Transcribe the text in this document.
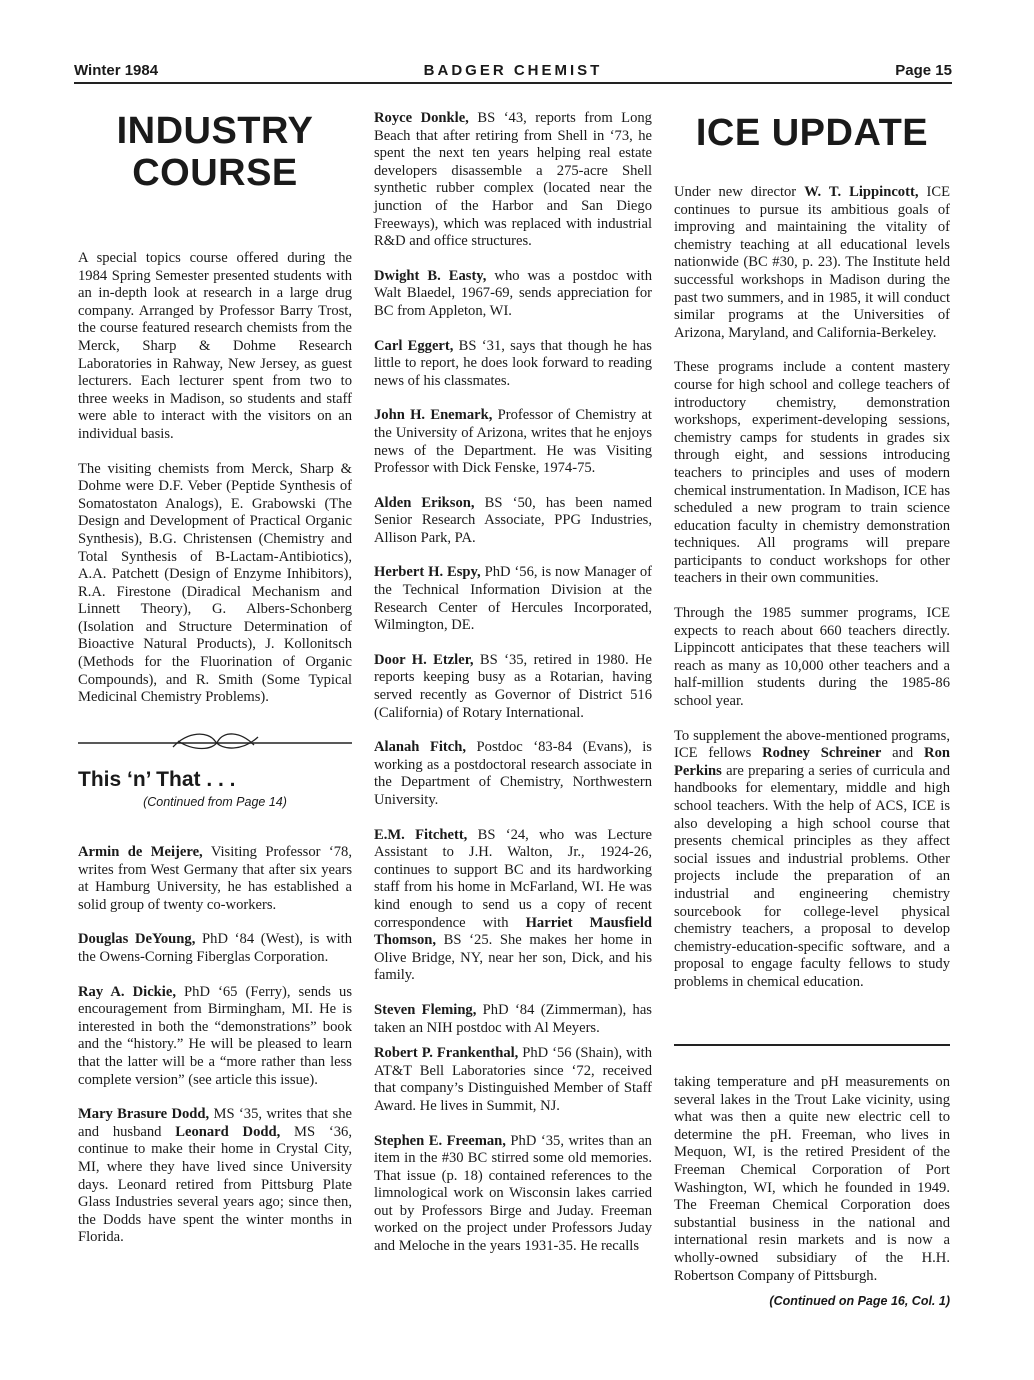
Winter 1984	BADGER CHEMIST	Page 15
INDUSTRY
COURSE

A special topics course offered during the 1984 Spring Semester presented students with an in-depth look at research in a large drug company. Arranged by Professor Barry Trost, the course featured research chemists from the Merck, Sharp & Dohme Research Laboratories in Rahway, New Jersey, as guest lecturers. Each lecturer spent from two to three weeks in Madison, so students and staff were able to interact with the visitors on an individual basis.

The visiting chemists from Merck, Sharp & Dohme were D.F. Veber (Peptide Synthesis of Somatostaton Analogs), E. Grabowski (The Design and Development of Practical Organic Synthesis), B.G. Christensen (Chemistry and Total Synthesis of B-Lactam-Antibiotics), A.A. Patchett (Design of Enzyme Inhibitors), R.A. Firestone (Diradical Mechanism and Linnett Theory), G. Albers-Schonberg (Isolation and Structure Determination of Bioactive Natural Products), J. Kollonitsch (Methods for the Fluorination of Organic Compounds), and R. Smith (Some Typical Medicinal Chemistry Problems).

This ‘n’ That . . .
(Continued from Page 14)

Armin de Meijere, Visiting Professor ‘78, writes from West Germany that after six years at Hamburg University, he has established a solid group of twenty co-workers.

Douglas DeYoung, PhD ‘84 (West), is with the Owens-Corning Fiberglas Corporation.

Ray A. Dickie, PhD ‘65 (Ferry), sends us encouragement from Birmingham, MI. He is interested in both the “demonstrations” book and the “history.” He will be pleased to learn that the latter will be a “more rather than less complete version” (see article this issue).

Mary Brasure Dodd, MS ‘35, writes that she and husband Leonard Dodd, MS ‘36, continue to make their home in Crystal City, MI, where they have lived since University days. Leonard retired from Pittsburg Plate Glass Industries several years ago; since then, the Dodds have spent the winter months in Florida.

Royce Donkle, BS ‘43, reports from Long Beach that after retiring from Shell in ‘73, he spent the next ten years helping real estate developers disassemble a 275-acre Shell synthetic rubber complex (located near the junction of the Harbor and San Diego Freeways), which was replaced with industrial R&D and office structures.

Dwight B. Easty, who was a postdoc with Walt Blaedel, 1967-69, sends appreciation for BC from Appleton, WI.

Carl Eggert, BS ‘31, says that though he has little to report, he does look forward to reading news of his classmates.

John H. Enemark, Professor of Chemistry at the University of Arizona, writes that he enjoys news of the Department. He was Visiting Professor with Dick Fenske, 1974-75.

Alden Erikson, BS ‘50, has been named Senior Research Associate, PPG Industries, Allison Park, PA.

Herbert H. Espy, PhD ‘56, is now Manager of the Technical Information Division at the Research Center of Hercules Incorporated, Wilmington, DE.

Door H. Etzler, BS ‘35, retired in 1980. He reports keeping busy as a Rotarian, having served recently as Governor of District 516 (California) of Rotary International.

Alanah Fitch, Postdoc ‘83-84 (Evans), is working as a postdoctoral research associate in the Department of Chemistry, Northwestern University.

E.M. Fitchett, BS ‘24, who was Lecture Assistant to J.H. Walton, Jr., 1924-26, continues to support BC and its hardworking staff from his home in McFarland, WI. He was kind enough to send us a copy of recent correspondence with Harriet Mausfield Thomson, BS ‘25. She makes her home in Olive Bridge, NY, near her son, Dick, and his family.

Steven Fleming, PhD ‘84 (Zimmerman), has taken an NIH postdoc with Al Meyers.

Robert P. Frankenthal, PhD ‘56 (Shain), with AT&T Bell Laboratories since ‘72, received that company’s Distinguished Member of Staff Award. He lives in Summit, NJ.

Stephen E. Freeman, PhD ‘35, writes than an item in the #30 BC stirred some old memories. That issue (p. 18) contained references to the limnological work on Wisconsin lakes carried out by Professors Birge and Juday. Freeman worked on the project under Professors Juday and Meloche in the years 1931-35. He recalls

ICE UPDATE

Under new director W. T. Lippincott, ICE continues to pursue its ambitious goals of improving and maintaining the vitality of chemistry teaching at all educational levels nationwide (BC #30, p. 23). The Institute held successful workshops in Madison during the past two summers, and in 1985, it will conduct similar programs at the Universities of Arizona, Maryland, and California-Berkeley.

These programs include a content mastery course for high school and college teachers of introductory chemistry, demonstration workshops, experiment-developing sessions, chemistry camps for students in grades six through eight, and sessions introducing teachers to principles and uses of modern chemical instrumentation. In Madison, ICE has scheduled a new program to train science education faculty in chemistry demonstration techniques. All programs will prepare participants to conduct workshops for other teachers in their own communities.

Through the 1985 summer programs, ICE expects to reach about 660 teachers directly. Lippincott anticipates that these teachers will reach as many as 10,000 other teachers and a half-million students during the 1985-86 school year.

To supplement the above-mentioned programs, ICE fellows Rodney Schreiner and Ron Perkins are preparing a series of curricula and handbooks for elementary, middle and high school teachers. With the help of ACS, ICE is also developing a high school course that presents chemical principles as they affect social issues and industrial problems. Other projects include the preparation of an industrial and engineering chemistry sourcebook for college-level physical chemistry teachers, a proposal to develop chemistry-education-specific software, and a proposal to engage faculty fellows to study problems in chemical education.

taking temperature and pH measurements on several lakes in the Trout Lake vicinity, using what was then a quite new electric cell to determine the pH. Freeman, who lives in Mequon, WI, is the retired President of the Freeman Chemical Corporation of Port Washington, WI, which he founded in 1949. The Freeman Chemical Corporation does substantial business in the national and international resin markets and is now a wholly-owned subsidiary of the H.H. Robertson Company of Pittsburgh.

(Continued on Page 16, Col. 1)
